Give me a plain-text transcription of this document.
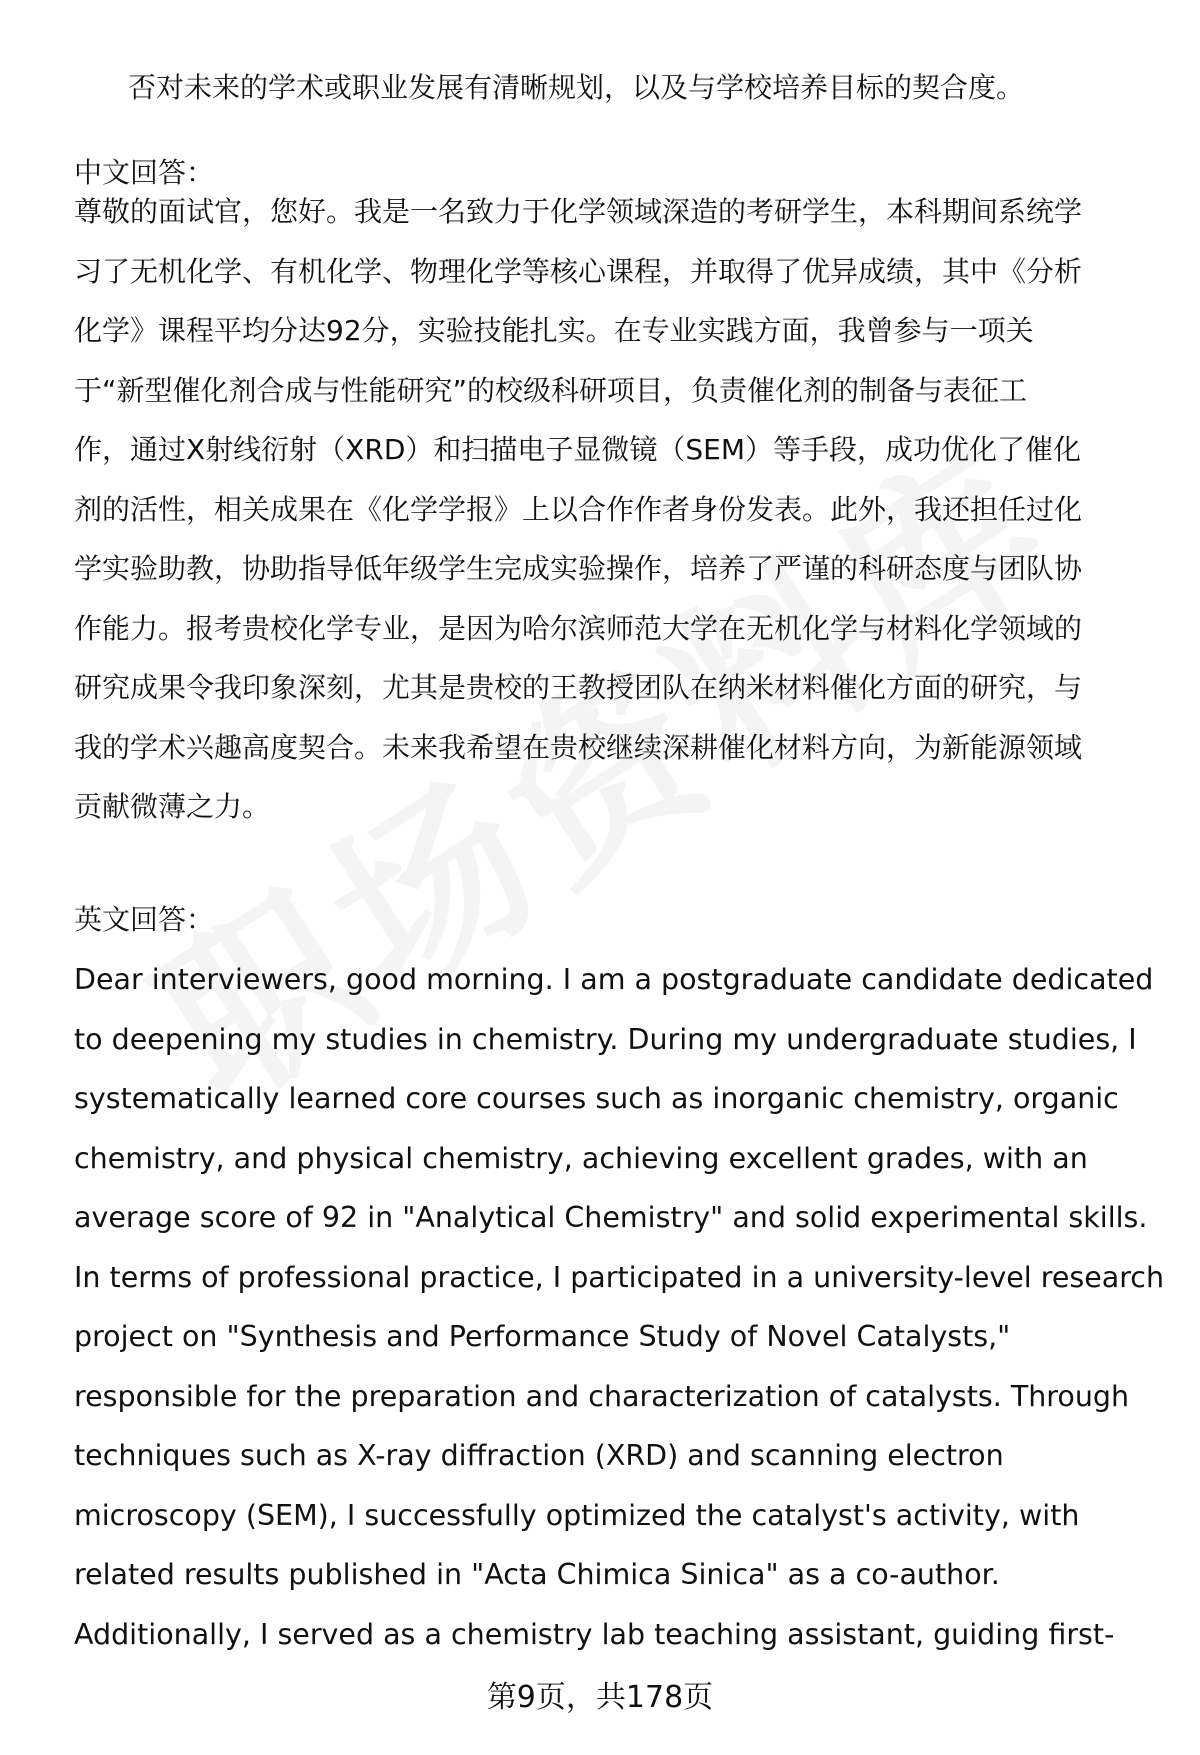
否对未来的学术或职业发展有清晰规划，以及与学校培养目标的契合度。
中文回答：
尊敬的面试官，您好。我是一名致力于化学领域深造的考研学生，本科期间系统学
习了无机化学、有机化学、物理化学等核心课程，并取得了优异成绩，其中《分析
化学》课程平均分达92分，实验技能扎实。在专业实践方面，我曾参与一项关
于“新型催化剂合成与性能研究”的校级科研项目，负责催化剂的制备与表征工
作，通过X射线衍射（XRD）和扫描电子显微镜（SEM）等手段，成功优化了催化
剂的活性，相关成果在《化学学报》上以合作作者身份发表。此外，我还担任过化
学实验助教，协助指导低年级学生完成实验操作，培养了严谨的科研态度与团队协
作能力。报考贵校化学专业，是因为哈尔滨师范大学在无机化学与材料化学领域的
研究成果令我印象深刻，尤其是贵校的王教授团队在纳米材料催化方面的研究，与
我的学术兴趣高度契合。未来我希望在贵校继续深耕催化材料方向，为新能源领域
贡献微薄之力。
英文回答：
Dear interviewers, good morning. I am a postgraduate candidate dedicated
to deepening my studies in chemistry. During my undergraduate studies, I
systematically learned core courses such as inorganic chemistry, organic
chemistry, and physical chemistry, achieving excellent grades, with an
average score of 92 in "Analytical Chemistry" and solid experimental skills.
In terms of professional practice, I participated in a university-level research
project on "Synthesis and Performance Study of Novel Catalysts,"
responsible for the preparation and characterization of catalysts. Through
techniques such as X-ray diffraction (XRD) and scanning electron
microscopy (SEM), I successfully optimized the catalyst's activity, with
related results published in "Acta Chimica Sinica" as a co-author.
Additionally, I served as a chemistry lab teaching assistant, guiding first-
第9页，共178页
